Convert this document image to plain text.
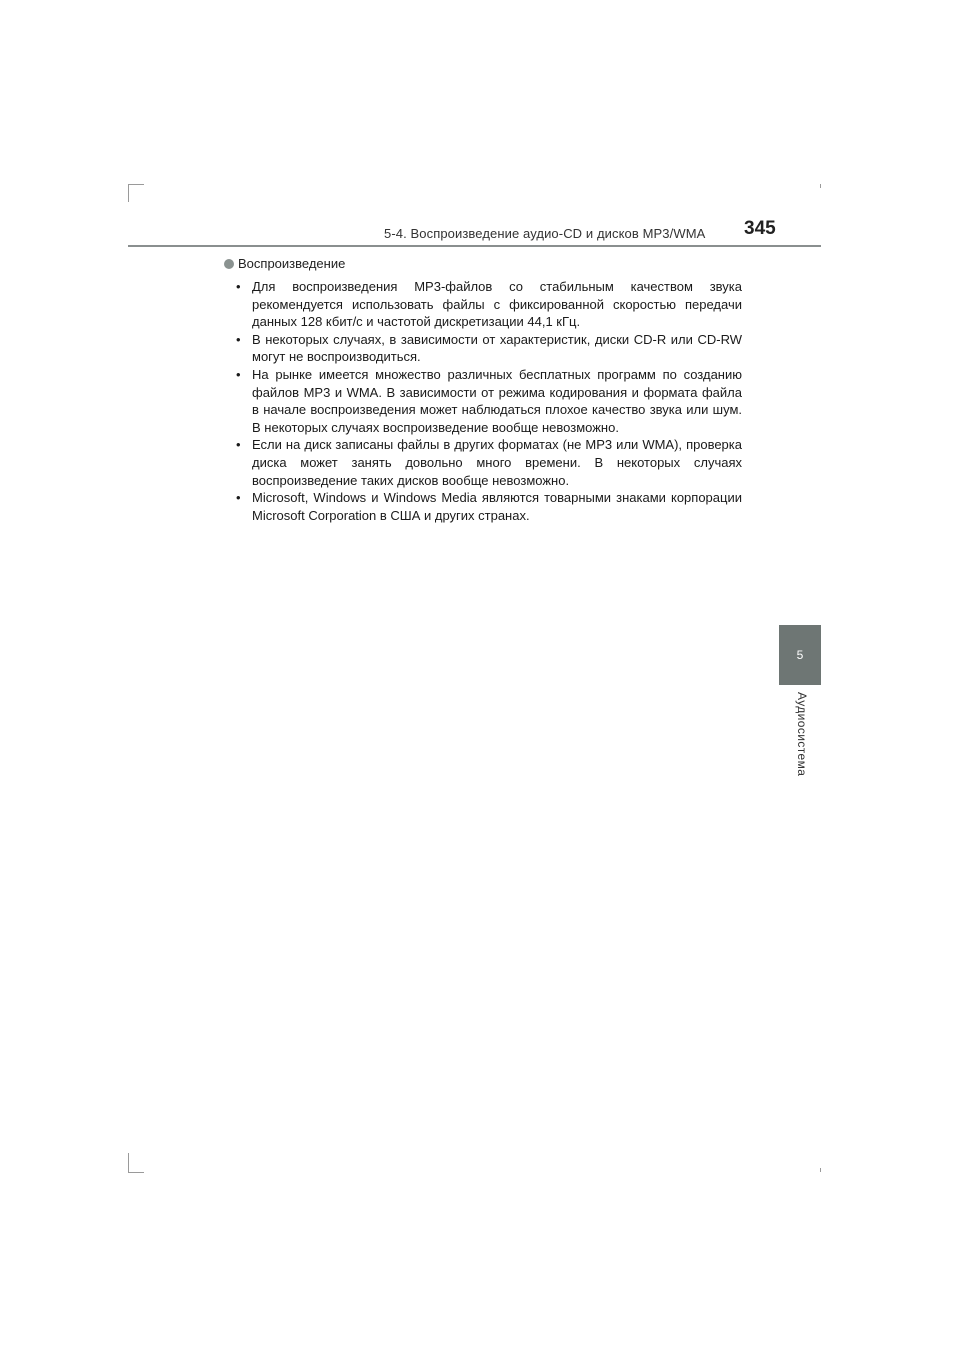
5-4. Воспроизведение аудио-CD и дисков MP3/WMA 345
5
Аудиосистема
Воспроизведение
• Для воспроизведения MP3-файлов со стабильным качеством звука рекомендуется использовать файлы с фиксированной скоростью передачи данных 128 кбит/с и частотой дискретизации 44,1 кГц.
• В некоторых случаях, в зависимости от характеристик, диски CD-R или CD-RW могут не воспроизводиться.
• На рынке имеется множество различных бесплатных программ по созданию файлов MP3 и WMA. В зависимости от режима кодирования и формата файла в начале воспроизведения может наблюдаться плохое качество звука или шум. В некоторых случаях воспроизведение вообще невозможно.
• Если на диск записаны файлы в других форматах (не MP3 или WMA), проверка диска может занять довольно много времени. В некоторых случаях воспроизведение таких дисков вообще невозможно.
• Microsoft, Windows и Windows Media являются товарными знаками корпорации Microsoft Corporation в США и других странах.
